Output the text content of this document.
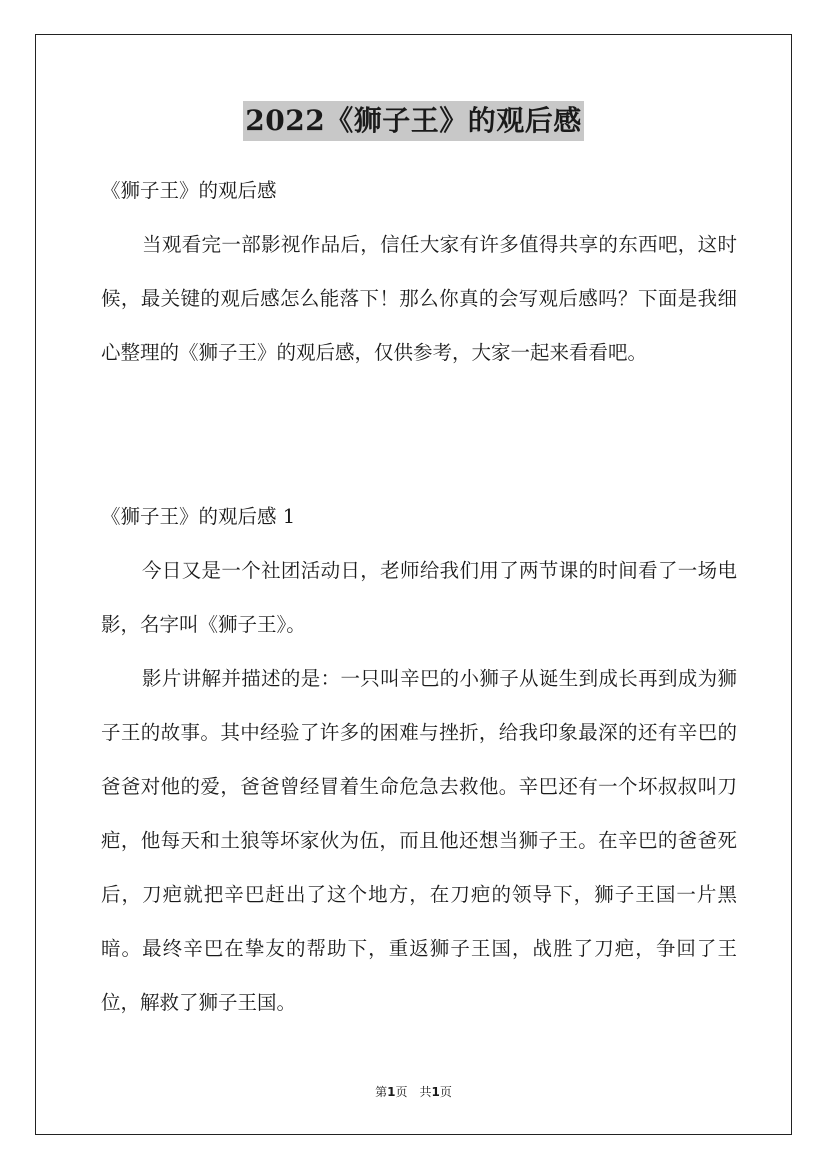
2022《狮子王》的观后感

《狮子王》的观后感

当观看完一部影视作品后，信任大家有许多值得共享的东西吧，这时候，最关键的观后感怎么能落下！那么你真的会写观后感吗？下面是我细心整理的《狮子王》的观后感，仅供参考，大家一起来看看吧。

《狮子王》的观后感 1

今日又是一个社团活动日，老师给我们用了两节课的时间看了一场电影，名字叫《狮子王》。

影片讲解并描述的是：一只叫辛巴的小狮子从诞生到成长再到成为狮子王的故事。其中经验了许多的困难与挫折，给我印象最深的还有辛巴的爸爸对他的爱，爸爸曾经冒着生命危急去救他。辛巴还有一个坏叔叔叫刀疤，他每天和土狼等坏家伙为伍，而且他还想当狮子王。在辛巴的爸爸死后，刀疤就把辛巴赶出了这个地方，在刀疤的领导下，狮子王国一片黑暗。最终辛巴在挚友的帮助下，重返狮子王国，战胜了刀疤，争回了王位，解救了狮子王国。

第1页　共1页
